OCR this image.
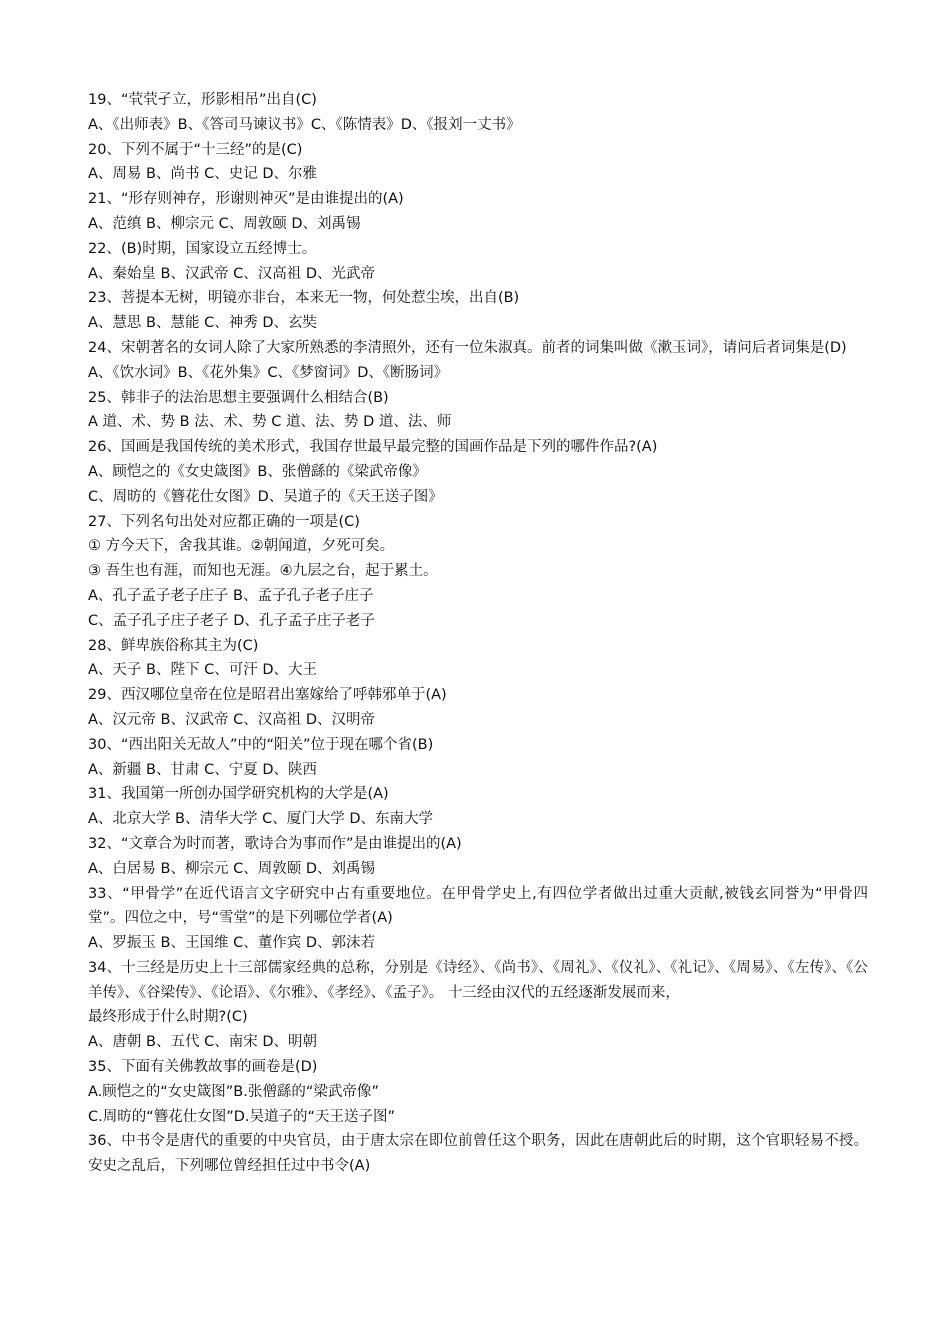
19、“茕茕孑立，形影相吊”出自(C)
A、《出师表》B、《答司马谏议书》C、《陈情表》D、《报刘一丈书》
20、下列不属于“十三经”的是(C)
A、周易 B、尚书 C、史记 D、尔雅
21、“形存则神存，形谢则神灭”是由谁提出的(A)
A、范缜 B、柳宗元 C、周敦颐 D、刘禹锡
22、(B)时期，国家设立五经博士。
A、秦始皇 B、汉武帝 C、汉高祖 D、光武帝
23、菩提本无树，明镜亦非台，本来无一物，何处惹尘埃，出自(B)
A、慧思 B、慧能 C、神秀 D、玄奘
24、宋朝著名的女词人除了大家所熟悉的李清照外，还有一位朱淑真。前者的词集叫做《漱玉词》，请问后者词集是(D)
A、《饮水词》B、《花外集》C、《梦窗词》D、《断肠词》
25、韩非子的法治思想主要强调什么相结合(B)
A 道、术、势 B 法、术、势 C 道、法、势 D 道、法、师
26、国画是我国传统的美术形式，我国存世最早最完整的国画作品是下列的哪件作品?(A)
A、顾恺之的《女史箴图》B、张僧繇的《梁武帝像》
C、周昉的《簪花仕女图》D、吴道子的《天王送子图》
27、下列名句出处对应都正确的一项是(C)
① 方今天下，舍我其谁。②朝闻道，夕死可矣。
③ 吾生也有涯，而知也无涯。④九层之台，起于累土。
A、孔子孟子老子庄子 B、孟子孔子老子庄子
C、孟子孔子庄子老子 D、孔子孟子庄子老子
28、鲜卑族俗称其主为(C)
A、天子 B、陛下 C、可汗 D、大王
29、西汉哪位皇帝在位是昭君出塞嫁给了呼韩邪单于(A)
A、汉元帝 B、汉武帝 C、汉高祖 D、汉明帝
30、“西出阳关无故人”中的“阳关”位于现在哪个省(B)
A、新疆 B、甘肃 C、宁夏 D、陕西
31、我国第一所创办国学研究机构的大学是(A)
A、北京大学 B、清华大学 C、厦门大学 D、东南大学
32、“文章合为时而著，歌诗合为事而作”是由谁提出的(A)
A、白居易 B、柳宗元 C、周敦颐 D、刘禹锡
33、“甲骨学”在近代语言文字研究中占有重要地位。在甲骨学史上,有四位学者做出过重大贡献,被钱玄同誉为“甲骨四堂”。四位之中，号“雪堂”的是下列哪位学者(A)
A、罗振玉 B、王国维 C、董作宾 D、郭沫若
34、十三经是历史上十三部儒家经典的总称，分别是《诗经》、《尚书》、《周礼》、《仪礼》、《礼记》、《周易》、《左传》、《公羊传》、《谷梁传》、《论语》、《尔雅》、《孝经》、《孟子》。 十三经由汉代的五经逐渐发展而来，
最终形成于什么时期?(C)
A、唐朝 B、五代 C、南宋 D、明朝
35、下面有关佛教故事的画卷是(D)
A.顾恺之的“女史箴图”B.张僧繇的“梁武帝像”
C.周昉的“簪花仕女图”D.吴道子的“天王送子图”
36、中书令是唐代的重要的中央官员，由于唐太宗在即位前曾任这个职务，因此在唐朝此后的时期，这个官职轻易不授。安史之乱后，下列哪位曾经担任过中书令(A)
